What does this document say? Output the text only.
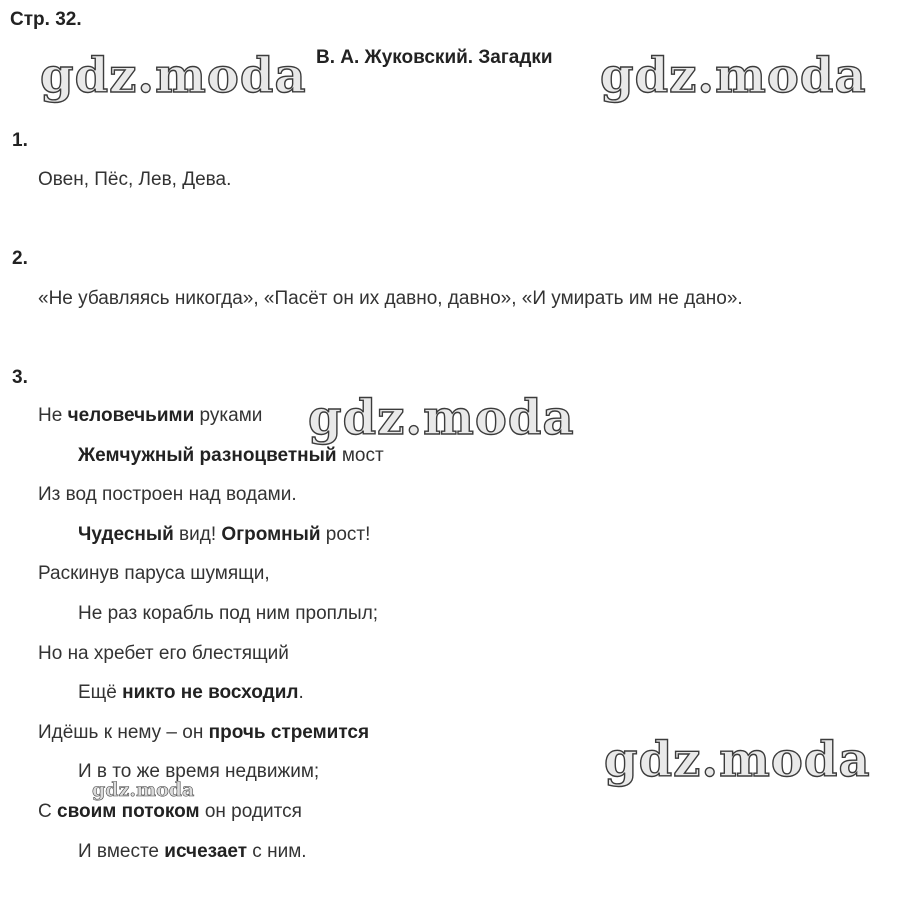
Стр. 32.
В. А. Жуковский. Загадки
1.
Овен, Пёс, Лев, Дева.
2.
«Не убавляясь никогда», «Пасёт он их давно, давно», «И умирать им не дано».
3.
Не человечьими руками
Жемчужный разноцветный мост
Из вод построен над водами.
Чудесный вид! Огромный рост!
Раскинув паруса шумящи,
Не раз корабль под ним проплыл;
Но на хребет его блестящий
Ещё никто не восходил.
Идёшь к нему – он прочь стремится
И в то же время недвижим;
С своим потоком он родится
И вместе исчезает с ним.
gdz.moda	gdz.moda
gdz.moda
gdz.moda
gdz.moda
